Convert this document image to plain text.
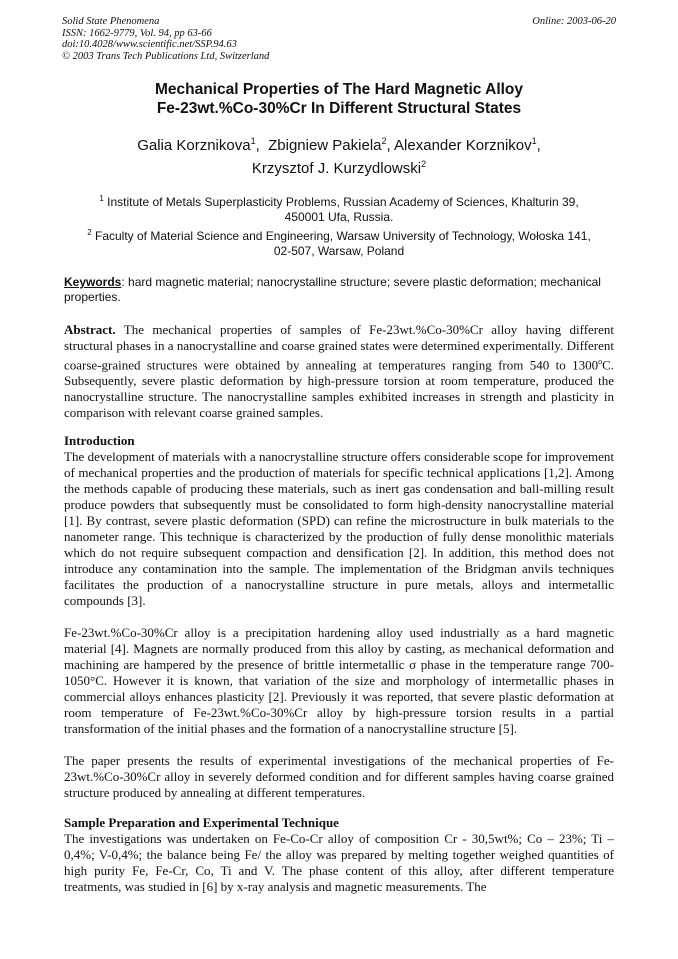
Solid State Phenomena
ISSN: 1662-9779, Vol. 94, pp 63-66
doi:10.4028/www.scientific.net/SSP.94.63
© 2003 Trans Tech Publications Ltd, Switzerland
Online: 2003-06-20
Mechanical Properties of The Hard Magnetic Alloy
Fe-23wt.%Co-30%Cr In Different Structural States
Galia Korznikova$^1$,  Zbigniew Pakiela$^2$, Alexander Korznikov$^1$,
Krzysztof J. Kurzydlowski$^2$
$^1$ Institute of Metals Superplasticity Problems, Russian Academy of Sciences, Khalturin 39,
450001 Ufa, Russia.
$^2$ Faculty of Material Science and Engineering, Warsaw University of Technology, Wołoska 141,
02-507, Warsaw, Poland
Keywords: hard magnetic material; nanocrystalline structure; severe plastic deformation; mechanical properties.

Abstract. The mechanical properties of samples of Fe-23wt.%Co-30%Cr alloy having different structural phases in a nanocrystalline and coarse grained states were determined experimentally. Different coarse-grained structures were obtained by annealing at temperatures ranging from 540 to 1300$^o$C. Subsequently, severe plastic deformation by high-pressure torsion at room temperature, produced the nanocrystalline structure. The nanocrystalline samples exhibited increases in strength and plasticity in comparison with relevant coarse grained samples.

Introduction

The development of materials with a nanocrystalline structure offers considerable scope for improvement of mechanical properties and the production of materials for specific technical applications [1,2]. Among the methods capable of producing these materials, such as inert gas condensation and ball-milling result produce powders that subsequently must be consolidated to form high-density nanocrystalline material [1]. By contrast, severe plastic deformation (SPD) can refine the microstructure in bulk materials to the nanometer range. This technique is characterized by the production of fully dense monolithic materials which do not require subsequent compaction and densification [2]. In addition, this method does not introduce any contamination into the sample. The implementation of the Bridgman anvils techniques facilitates the production of a nanocrystalline structure in pure metals, alloys and intermetallic compounds [3].

Fe-23wt.%Co-30%Cr alloy is a precipitation hardening alloy used industrially as a hard magnetic material [4]. Magnets are normally produced from this alloy by casting, as mechanical deformation and machining are hampered by the presence of brittle intermetallic σ phase in the temperature range 700-1050°C. However it is known, that variation of the size and morphology of intermetallic phases in commercial alloys enhances plasticity [2]. Previously it was reported, that severe plastic deformation at room temperature of Fe-23wt.%Co-30%Cr alloy by high-pressure torsion results in a partial transformation of the initial phases and the formation of a nanocrystalline structure [5].

The paper presents the results of experimental investigations of the mechanical properties of Fe-23wt.%Co-30%Cr alloy in severely deformed condition and for different samples having coarse grained structure produced by annealing at different temperatures.

Sample Preparation and Experimental Technique

The investigations was undertaken on Fe-Co-Cr alloy of composition Cr - 30,5wt%; Co – 23%; Ti – 0,4%; V-0,4%; the balance being Fe/ the alloy was prepared by melting together weighed quantities of high purity Fe, Fe-Cr, Co, Ti and V. The phase content of this alloy, after different temperature treatments, was studied in [6] by x-ray analysis and magnetic measurements. The
